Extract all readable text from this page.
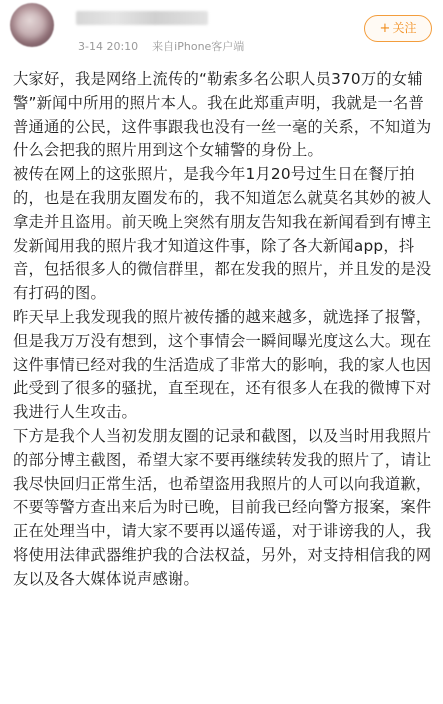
3-14 20:10 来自iPhone客户端
+ 关注

大家好，我是网络上流传的“勒索多名公职人员370万的女辅警”新闻中所用的照片本人。我在此郑重声明，我就是一名普普通通的公民，这件事跟我也没有一丝一毫的关系，不知道为什么会把我的照片用到这个女辅警的身份上。

被传在网上的这张照片，是我今年1月20号过生日在餐厅拍的，也是在我朋友圈发布的，我不知道怎么就莫名其妙的被人拿走并且盗用。前天晚上突然有朋友告知我在新闻看到有博主发新闻用我的照片我才知道这件事，除了各大新闻app，抖音，包括很多人的微信群里，都在发我的照片，并且发的是没有打码的图。

昨天早上我发现我的照片被传播的越来越多，就选择了报警，但是我万万没有想到，这个事情会一瞬间曝光度这么大。现在这件事情已经对我的生活造成了非常大的影响，我的家人也因此受到了很多的骚扰，直至现在，还有很多人在我的微博下对我进行人生攻击。

下方是我个人当初发朋友圈的记录和截图，以及当时用我照片的部分博主截图，希望大家不要再继续转发我的照片了，请让我尽快回归正常生活，也希望盗用我照片的人可以向我道歉，不要等警方查出来后为时已晚，目前我已经向警方报案，案件正在处理当中，请大家不要再以遥传遥，对于诽谤我的人，我将使用法律武器维护我的合法权益，另外，对支持相信我的网友以及各大媒体说声感谢。
